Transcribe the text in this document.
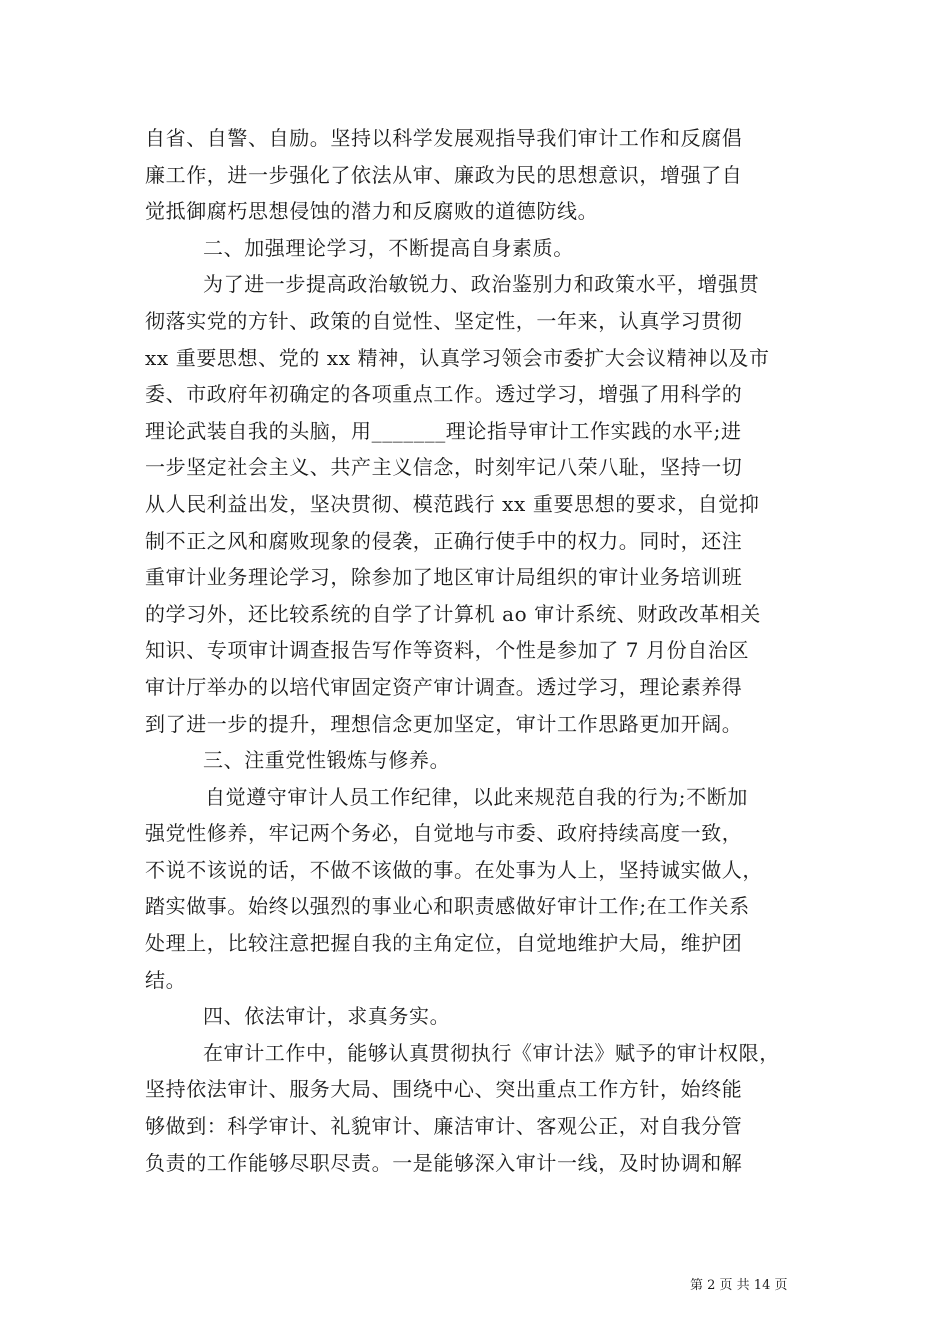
自省、自警、自励。坚持以科学发展观指导我们审计工作和反腐倡
廉工作，进一步强化了依法从审、廉政为民的思想意识，增强了自
觉抵御腐朽思想侵蚀的潜力和反腐败的道德防线。
二、加强理论学习，不断提高自身素质。
为了进一步提高政治敏锐力、政治鉴别力和政策水平，增强贯
彻落实党的方针、政策的自觉性、坚定性，一年来，认真学习贯彻
xx 重要思想、党的 xx 精神，认真学习领会市委扩大会议精神以及市
委、市政府年初确定的各项重点工作。透过学习，增强了用科学的
理论武装自我的头脑，用_______理论指导审计工作实践的水平;进
一步坚定社会主义、共产主义信念，时刻牢记八荣八耻，坚持一切
从人民利益出发，坚决贯彻、模范践行 xx 重要思想的要求，自觉抑
制不正之风和腐败现象的侵袭，正确行使手中的权力。同时，还注
重审计业务理论学习，除参加了地区审计局组织的审计业务培训班
的学习外，还比较系统的自学了计算机 ao 审计系统、财政改革相关
知识、专项审计调查报告写作等资料，个性是参加了 7 月份自治区
审计厅举办的以培代审固定资产审计调查。透过学习，理论素养得
到了进一步的提升，理想信念更加坚定，审计工作思路更加开阔。
三、注重党性锻炼与修养。
自觉遵守审计人员工作纪律，以此来规范自我的行为;不断加
强党性修养，牢记两个务必，自觉地与市委、政府持续高度一致，
不说不该说的话，不做不该做的事。在处事为人上，坚持诚实做人，
踏实做事。始终以强烈的事业心和职责感做好审计工作;在工作关系
处理上，比较注意把握自我的主角定位，自觉地维护大局，维护团
结。
四、依法审计，求真务实。
在审计工作中，能够认真贯彻执行《审计法》赋予的审计权限，
坚持依法审计、服务大局、围绕中心、突出重点工作方针，始终能
够做到：科学审计、礼貌审计、廉洁审计、客观公正，对自我分管
负责的工作能够尽职尽责。一是能够深入审计一线，及时协调和解
第 2 页 共 14 页
